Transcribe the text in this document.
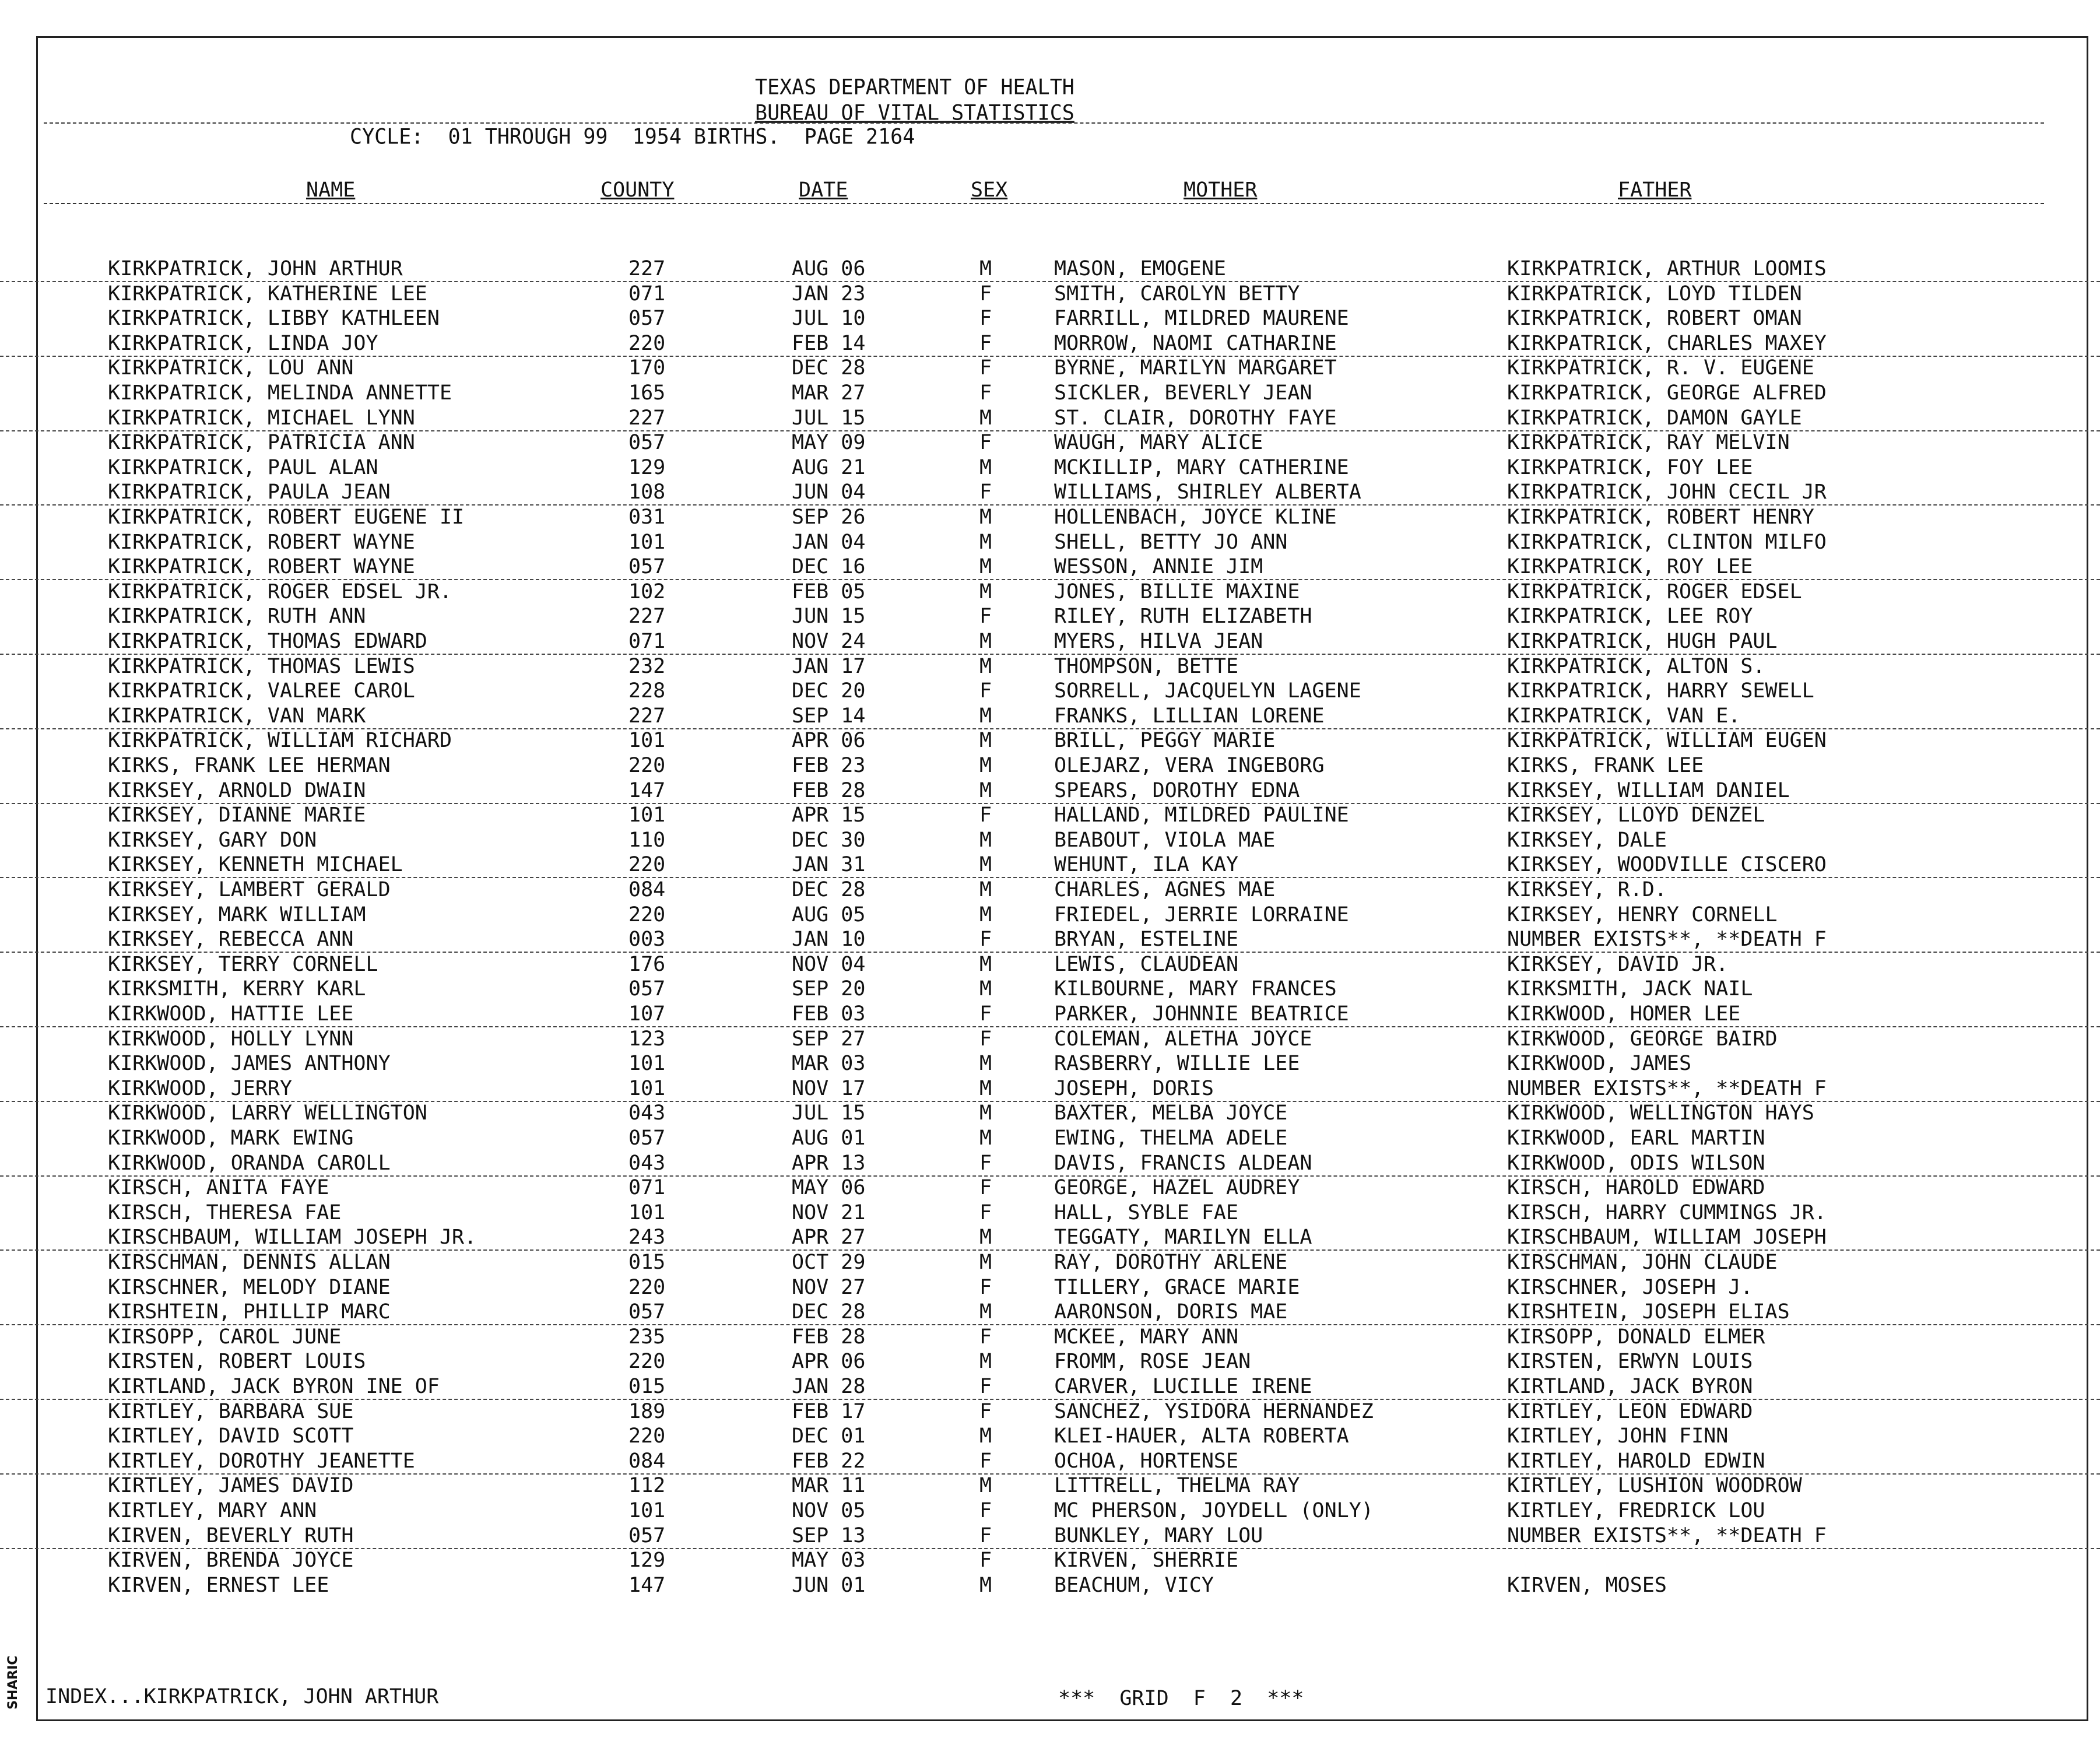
TEXAS DEPARTMENT OF HEALTH
BUREAU OF VITAL STATISTICS
CYCLE:  01 THROUGH 99  1954 BIRTHS.  PAGE 2164
NAME	COUNTY	DATE	SEX	MOTHER	FATHER
KIRKPATRICK, JOHN ARTHUR	227	AUG 06	M	MASON, EMOGENE	KIRKPATRICK, ARTHUR LOOMIS
KIRKPATRICK, KATHERINE LEE	071	JAN 23	F	SMITH, CAROLYN BETTY	KIRKPATRICK, LOYD TILDEN
KIRKPATRICK, LIBBY KATHLEEN	057	JUL 10	F	FARRILL, MILDRED MAURENE	KIRKPATRICK, ROBERT OMAN
KIRKPATRICK, LINDA JOY	220	FEB 14	F	MORROW, NAOMI CATHARINE	KIRKPATRICK, CHARLES MAXEY
KIRKPATRICK, LOU ANN	170	DEC 28	F	BYRNE, MARILYN MARGARET	KIRKPATRICK, R. V. EUGENE
KIRKPATRICK, MELINDA ANNETTE	165	MAR 27	F	SICKLER, BEVERLY JEAN	KIRKPATRICK, GEORGE ALFRED
KIRKPATRICK, MICHAEL LYNN	227	JUL 15	M	ST. CLAIR, DOROTHY FAYE	KIRKPATRICK, DAMON GAYLE
KIRKPATRICK, PATRICIA ANN	057	MAY 09	F	WAUGH, MARY ALICE	KIRKPATRICK, RAY MELVIN
KIRKPATRICK, PAUL ALAN	129	AUG 21	M	MCKILLIP, MARY CATHERINE	KIRKPATRICK, FOY LEE
KIRKPATRICK, PAULA JEAN	108	JUN 04	F	WILLIAMS, SHIRLEY ALBERTA	KIRKPATRICK, JOHN CECIL JR
KIRKPATRICK, ROBERT EUGENE II	031	SEP 26	M	HOLLENBACH, JOYCE KLINE	KIRKPATRICK, ROBERT HENRY
KIRKPATRICK, ROBERT WAYNE	101	JAN 04	M	SHELL, BETTY JO ANN	KIRKPATRICK, CLINTON MILFO
KIRKPATRICK, ROBERT WAYNE	057	DEC 16	M	WESSON, ANNIE JIM	KIRKPATRICK, ROY LEE
KIRKPATRICK, ROGER EDSEL JR.	102	FEB 05	M	JONES, BILLIE MAXINE	KIRKPATRICK, ROGER EDSEL
KIRKPATRICK, RUTH ANN	227	JUN 15	F	RILEY, RUTH ELIZABETH	KIRKPATRICK, LEE ROY
KIRKPATRICK, THOMAS EDWARD	071	NOV 24	M	MYERS, HILVA JEAN	KIRKPATRICK, HUGH PAUL
KIRKPATRICK, THOMAS LEWIS	232	JAN 17	M	THOMPSON, BETTE	KIRKPATRICK, ALTON S.
KIRKPATRICK, VALREE CAROL	228	DEC 20	F	SORRELL, JACQUELYN LAGENE	KIRKPATRICK, HARRY SEWELL
KIRKPATRICK, VAN MARK	227	SEP 14	M	FRANKS, LILLIAN LORENE	KIRKPATRICK, VAN E.
KIRKPATRICK, WILLIAM RICHARD	101	APR 06	M	BRILL, PEGGY MARIE	KIRKPATRICK, WILLIAM EUGEN
KIRKS, FRANK LEE HERMAN	220	FEB 23	M	OLEJARZ, VERA INGEBORG	KIRKS, FRANK LEE
KIRKSEY, ARNOLD DWAIN	147	FEB 28	M	SPEARS, DOROTHY EDNA	KIRKSEY, WILLIAM DANIEL
KIRKSEY, DIANNE MARIE	101	APR 15	F	HALLAND, MILDRED PAULINE	KIRKSEY, LLOYD DENZEL
KIRKSEY, GARY DON	110	DEC 30	M	BEABOUT, VIOLA MAE	KIRKSEY, DALE
KIRKSEY, KENNETH MICHAEL	220	JAN 31	M	WEHUNT, ILA KAY	KIRKSEY, WOODVILLE CISCERO
KIRKSEY, LAMBERT GERALD	084	DEC 28	M	CHARLES, AGNES MAE	KIRKSEY, R.D.
KIRKSEY, MARK WILLIAM	220	AUG 05	M	FRIEDEL, JERRIE LORRAINE	KIRKSEY, HENRY CORNELL
KIRKSEY, REBECCA ANN	003	JAN 10	F	BRYAN, ESTELINE	NUMBER EXISTS**, **DEATH F
KIRKSEY, TERRY CORNELL	176	NOV 04	M	LEWIS, CLAUDEAN	KIRKSEY, DAVID JR.
KIRKSMITH, KERRY KARL	057	SEP 20	M	KILBOURNE, MARY FRANCES	KIRKSMITH, JACK NAIL
KIRKWOOD, HATTIE LEE	107	FEB 03	F	PARKER, JOHNNIE BEATRICE	KIRKWOOD, HOMER LEE
KIRKWOOD, HOLLY LYNN	123	SEP 27	F	COLEMAN, ALETHA JOYCE	KIRKWOOD, GEORGE BAIRD
KIRKWOOD, JAMES ANTHONY	101	MAR 03	M	RASBERRY, WILLIE LEE	KIRKWOOD, JAMES
KIRKWOOD, JERRY	101	NOV 17	M	JOSEPH, DORIS	NUMBER EXISTS**, **DEATH F
KIRKWOOD, LARRY WELLINGTON	043	JUL 15	M	BAXTER, MELBA JOYCE	KIRKWOOD, WELLINGTON HAYS
KIRKWOOD, MARK EWING	057	AUG 01	M	EWING, THELMA ADELE	KIRKWOOD, EARL MARTIN
KIRKWOOD, ORANDA CAROLL	043	APR 13	F	DAVIS, FRANCIS ALDEAN	KIRKWOOD, ODIS WILSON
KIRSCH, ANITA FAYE	071	MAY 06	F	GEORGE, HAZEL AUDREY	KIRSCH, HAROLD EDWARD
KIRSCH, THERESA FAE	101	NOV 21	F	HALL, SYBLE FAE	KIRSCH, HARRY CUMMINGS JR.
KIRSCHBAUM, WILLIAM JOSEPH JR.	243	APR 27	M	TEGGATY, MARILYN ELLA	KIRSCHBAUM, WILLIAM JOSEPH
KIRSCHMAN, DENNIS ALLAN	015	OCT 29	M	RAY, DOROTHY ARLENE	KIRSCHMAN, JOHN CLAUDE
KIRSCHNER, MELODY DIANE	220	NOV 27	F	TILLERY, GRACE MARIE	KIRSCHNER, JOSEPH J.
KIRSHTEIN, PHILLIP MARC	057	DEC 28	M	AARONSON, DORIS MAE	KIRSHTEIN, JOSEPH ELIAS
KIRSOPP, CAROL JUNE	235	FEB 28	F	MCKEE, MARY ANN	KIRSOPP, DONALD ELMER
KIRSTEN, ROBERT LOUIS	220	APR 06	M	FROMM, ROSE JEAN	KIRSTEN, ERWYN LOUIS
KIRTLAND, JACK BYRON INE OF	015	JAN 28	F	CARVER, LUCILLE IRENE	KIRTLAND, JACK BYRON
KIRTLEY, BARBARA SUE	189	FEB 17	F	SANCHEZ, YSIDORA HERNANDEZ	KIRTLEY, LEON EDWARD
KIRTLEY, DAVID SCOTT	220	DEC 01	M	KLEI-HAUER, ALTA ROBERTA	KIRTLEY, JOHN FINN
KIRTLEY, DOROTHY JEANETTE	084	FEB 22	F	OCHOA, HORTENSE	KIRTLEY, HAROLD EDWIN
KIRTLEY, JAMES DAVID	112	MAR 11	M	LITTRELL, THELMA RAY	KIRTLEY, LUSHION WOODROW
KIRTLEY, MARY ANN	101	NOV 05	F	MC PHERSON, JOYDELL (ONLY)	KIRTLEY, FREDRICK LOU
KIRVEN, BEVERLY RUTH	057	SEP 13	F	BUNKLEY, MARY LOU	NUMBER EXISTS**, **DEATH F
KIRVEN, BRENDA JOYCE	129	MAY 03	F	KIRVEN, SHERRIE
KIRVEN, ERNEST LEE	147	JUN 01	M	BEACHUM, VICY	KIRVEN, MOSES
INDEX...KIRKPATRICK, JOHN ARTHUR	***  GRID  F  2  ***
SHARIC
